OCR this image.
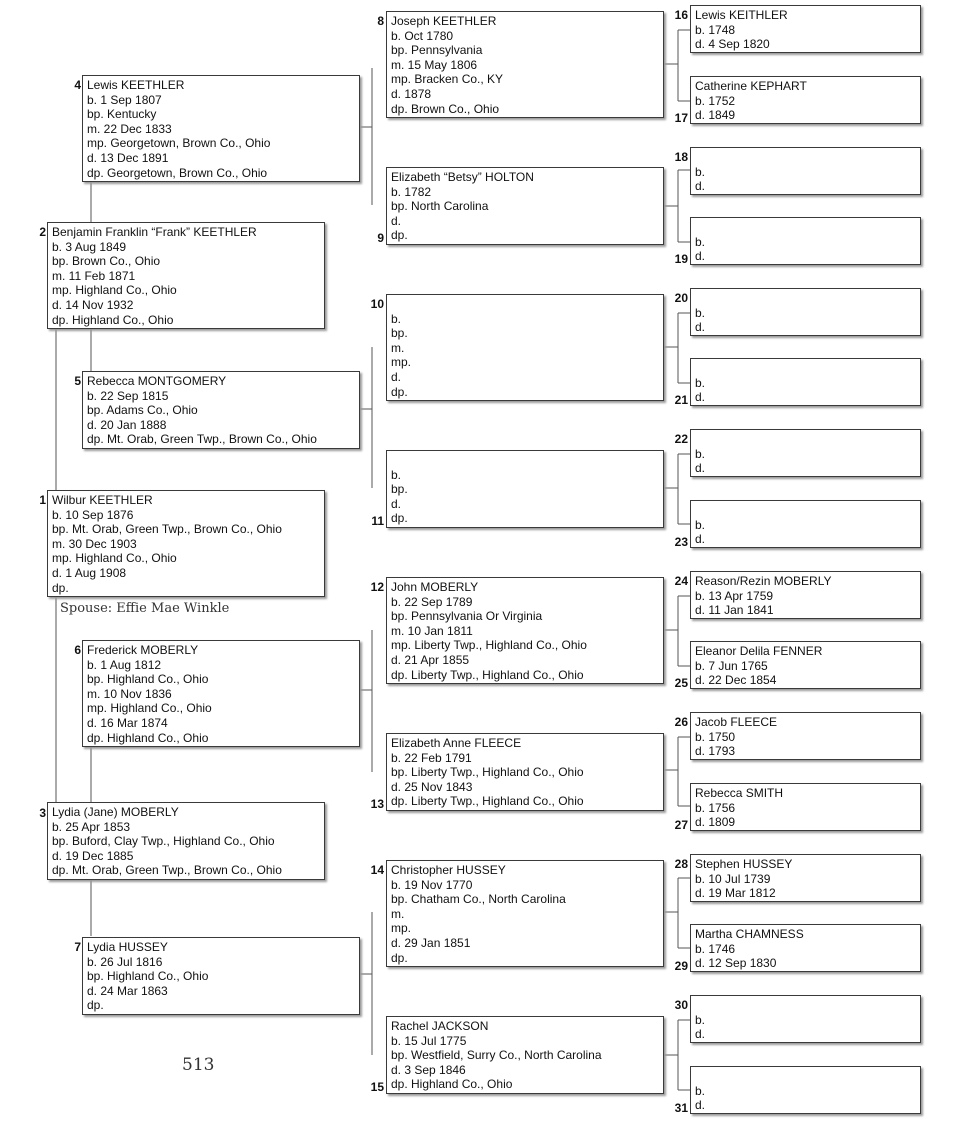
1 Wilbur KEETHLER
b. 10 Sep 1876
bp. Mt. Orab, Green Twp., Brown Co., Ohio
m. 30 Dec 1903
mp. Highland Co., Ohio
d. 1 Aug 1908
dp.
2 Benjamin Franklin “Frank” KEETHLER
b. 3 Aug 1849
bp. Brown Co., Ohio
m. 11 Feb 1871
mp. Highland Co., Ohio
d. 14 Nov 1932
dp. Highland Co., Ohio
3 Lydia (Jane) MOBERLY
b. 25 Apr 1853
bp. Buford, Clay Twp., Highland Co., Ohio
d. 19 Dec 1885
dp. Mt. Orab, Green Twp., Brown Co., Ohio
4 Lewis KEETHLER
b. 1 Sep 1807
bp. Kentucky
m. 22 Dec 1833
mp. Georgetown, Brown Co., Ohio
d. 13 Dec 1891
dp. Georgetown, Brown Co., Ohio
5 Rebecca MONTGOMERY
b. 22 Sep 1815
bp. Adams Co., Ohio
d. 20 Jan 1888
dp. Mt. Orab, Green Twp., Brown Co., Ohio
6 Frederick MOBERLY
b. 1 Aug 1812
bp. Highland Co., Ohio
m. 10 Nov 1836
mp. Highland Co., Ohio
d. 16 Mar 1874
dp. Highland Co., Ohio
7 Lydia HUSSEY
b. 26 Jul 1816
bp. Highland Co., Ohio
d. 24 Mar 1863
dp.
8 Joseph KEETHLER
b. Oct 1780
bp. Pennsylvania
m. 15 May 1806
mp. Bracken Co., KY
d. 1878
dp. Brown Co., Ohio
9
Elizabeth “Betsy” HOLTON
b. 1782
bp. North Carolina
d.
dp.
10

b.
bp.
m.
mp.
d.
dp.
11

b.
bp.
d.
dp.
12 John MOBERLY
b. 22 Sep 1789
bp. Pennsylvania Or Virginia
m. 10 Jan 1811
mp. Liberty Twp., Highland Co., Ohio
d. 21 Apr 1855
dp. Liberty Twp., Highland Co., Ohio
13
Elizabeth Anne FLEECE
b. 22 Feb 1791
bp. Liberty Twp., Highland Co., Ohio
d. 25 Nov 1843
dp. Liberty Twp., Highland Co., Ohio
14 Christopher HUSSEY
b. 19 Nov 1770
bp. Chatham Co., North Carolina
m.
mp.
d. 29 Jan 1851
dp.
15
Rachel JACKSON
b. 15 Jul 1775
bp. Westfield, Surry Co., North Carolina
d. 3 Sep 1846
dp. Highland Co., Ohio
16 Lewis KEITHLER
b. 1748
d. 4 Sep 1820
17
Catherine KEPHART
b. 1752
d. 1849
18

b.
d.
19

b.
d.
20

b.
d.
21

b.
d.
22

b.
d.
23

b.
d.
24 Reason/Rezin MOBERLY
b. 13 Apr 1759
d. 11 Jan 1841
25
Eleanor Delila FENNER
b. 7 Jun 1765
d. 22 Dec 1854
26 Jacob FLEECE
b. 1750
d. 1793
27
Rebecca SMITH
b. 1756
d. 1809
28 Stephen HUSSEY
b. 10 Jul 1739
d. 19 Mar 1812
29
Martha CHAMNESS
b. 1746
d. 12 Sep 1830
30

b.
d.
31

b.
d.
Spouse: Effie Mae Winkle
513
